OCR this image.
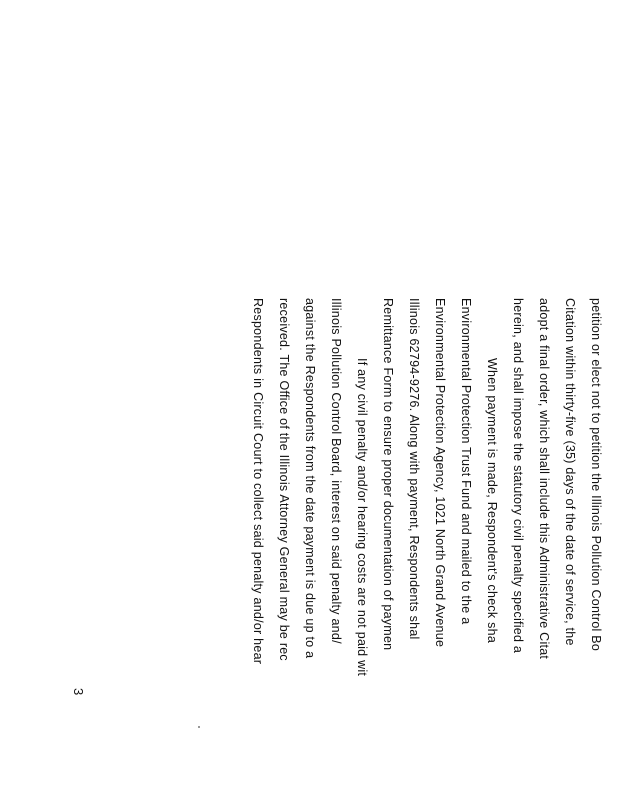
petition or elect not to petition the Illinois Pollution Control Bo
Citation within thirty-five (35) days of the date of service, the
adopt a final order, which shall include this Administrative Citat
herein, and shall impose the statutory civil penalty specified a
When payment is made, Respondent's check sha
Environmental Protection Trust Fund and mailed to the a
Environmental Protection Agency, 1021 North Grand Avenue
Illinois 62794-9276. Along with payment, Respondents shal
Remittance Form to ensure proper documentation of paymen
If any civil penalty and/or hearing costs are not paid wit
Illinois Pollution Control Board, interest on said penalty and/
against the Respondents from the date payment is due up to a
received. The Office of the Illinois Attorney General may be rec
Respondents in Circuit Court to collect said penalty and/or hear
3
